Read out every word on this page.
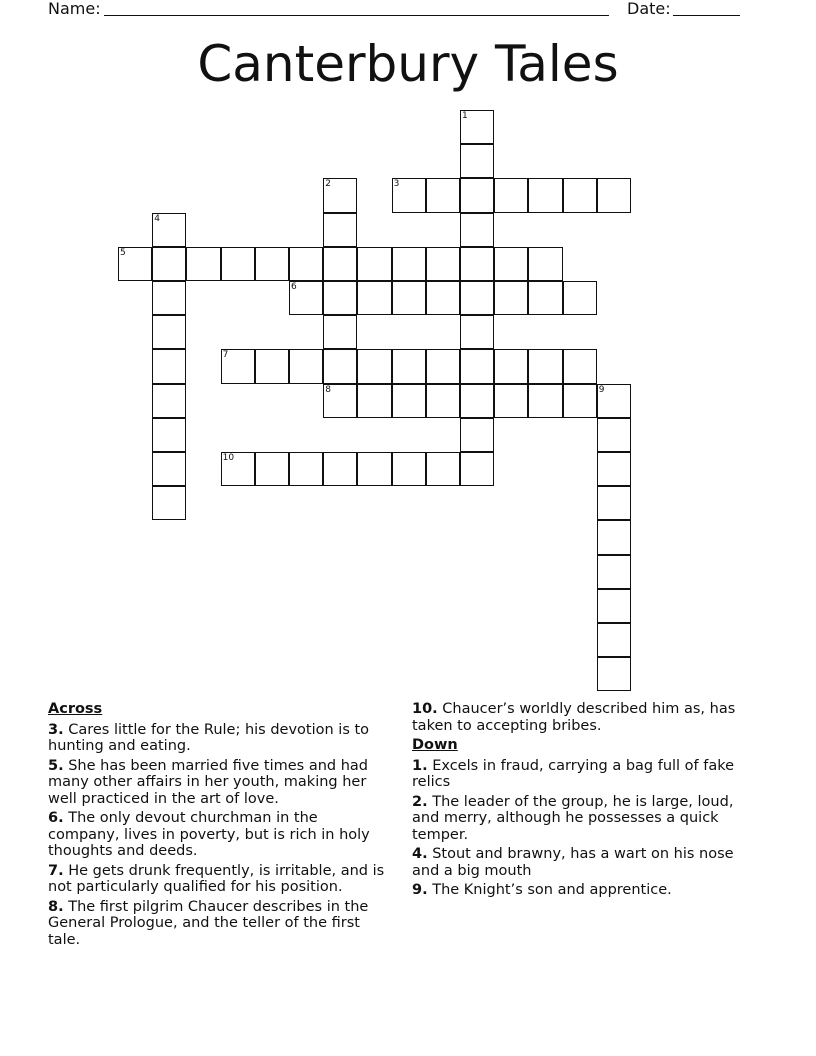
Name:	Date:
Canterbury Tales
1
2
8
3
4
5
6
7
9
10
Across
3. Cares little for the Rule; his devotion is to hunting and eating.
5. She has been married five times and had many other affairs in her youth, making her well practiced in the art of love.
6. The only devout churchman in the company, lives in poverty, but is rich in holy thoughts and deeds.
7. He gets drunk frequently, is irritable, and is not particularly qualified for his position.
8. The first pilgrim Chaucer describes in the General Prologue, and the teller of the first tale.
10. Chaucer’s worldly described him as, has taken to accepting bribes.
Down
1. Excels in fraud, carrying a bag full of fake relics
2. The leader of the group, he is large, loud, and merry, although he possesses a quick temper.
4. Stout and brawny, has a wart on his nose and a big mouth
9. The Knight’s son and apprentice.
